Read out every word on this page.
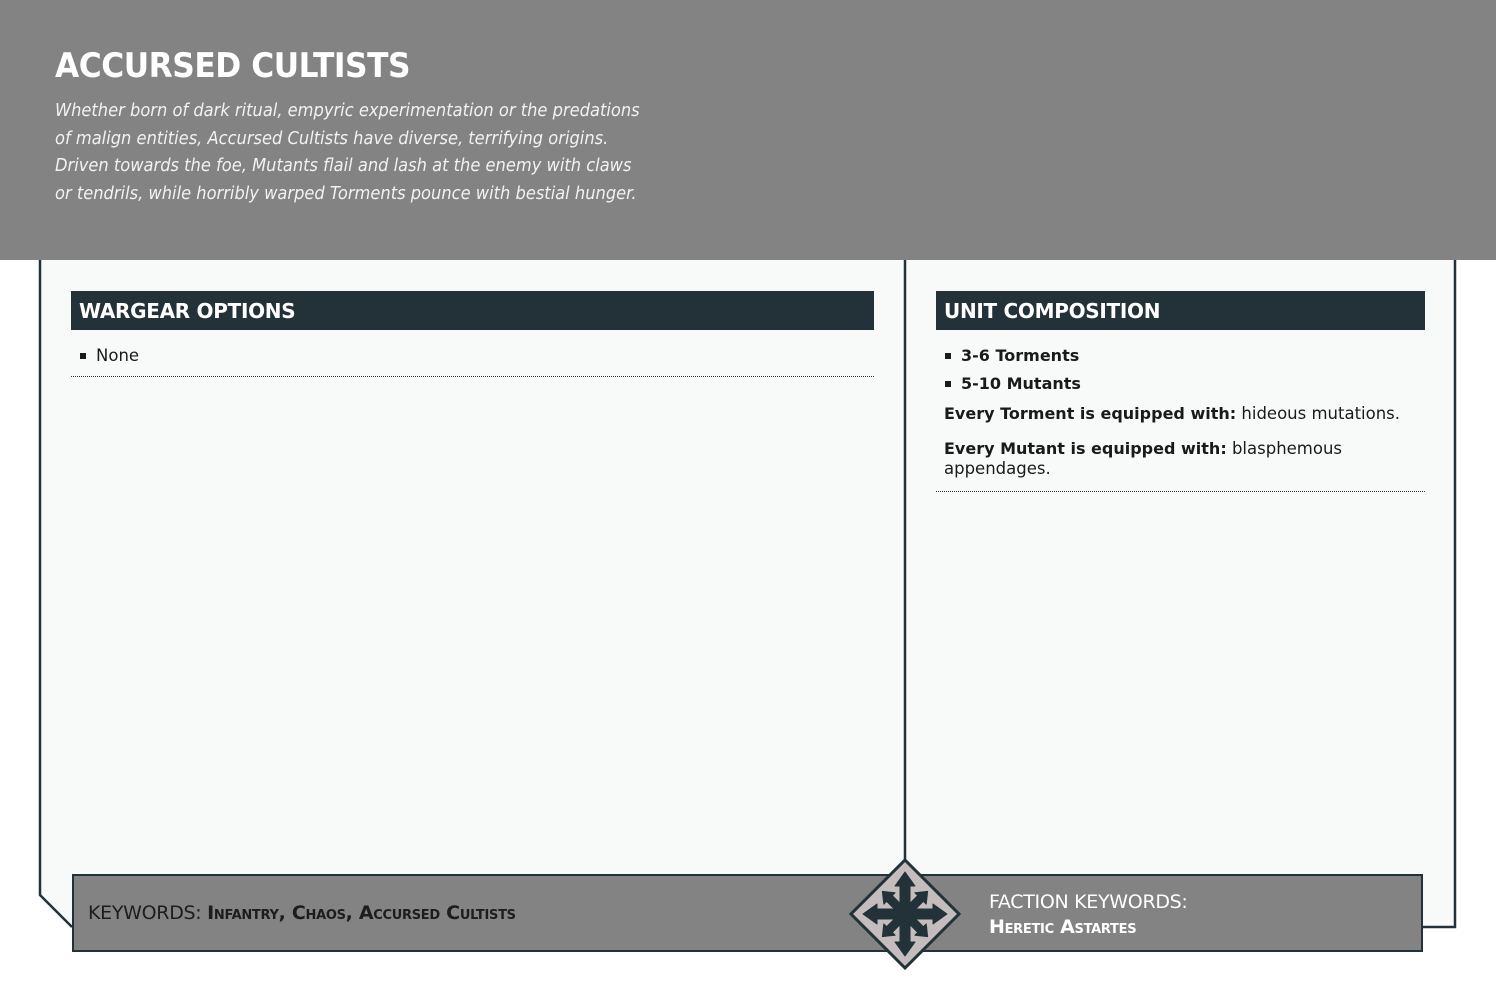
ACCURSED CULTISTS
Whether born of dark ritual, empyric experimentation or the predations of malign entities, Accursed Cultists have diverse, terrifying origins. Driven towards the foe, Mutants flail and lash at the enemy with claws or tendrils, while horribly warped Torments pounce with bestial hunger.
WARGEAR OPTIONS
None
UNIT COMPOSITION
3-6 Torments
5-10 Mutants
Every Torment is equipped with: hideous mutations.
Every Mutant is equipped with: blasphemous appendages.
KEYWORDS: Infantry, Chaos, Accursed Cultists	FACTION KEYWORDS:
Heretic Astartes
